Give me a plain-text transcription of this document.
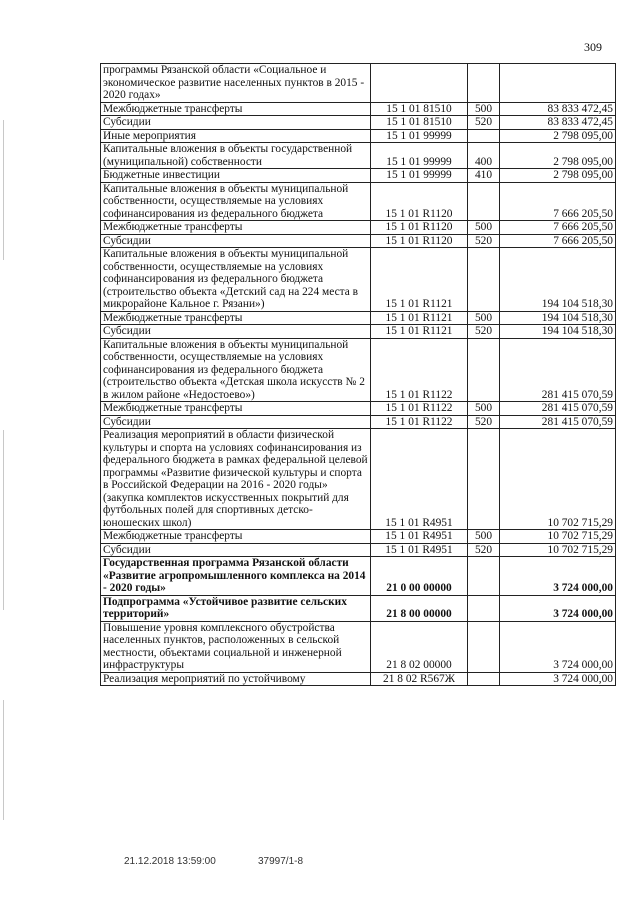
309
программы Рязанской области «Социальное и экономическое развитие населенных пунктов в 2015 - 2020 годах»			
Межбюджетные трансферты	15 1 01 81510	500	83 833 472,45
Субсидии	15 1 01 81510	520	83 833 472,45
Иные мероприятия	15 1 01 99999		2 798 095,00
Капитальные вложения в объекты государственной (муниципальной) собственности	15 1 01 99999	400	2 798 095,00
Бюджетные инвестиции	15 1 01 99999	410	2 798 095,00
Капитальные вложения в объекты муниципальной собственности, осуществляемые на условиях софинансирования из федерального бюджета	15 1 01 R1120		7 666 205,50
Межбюджетные трансферты	15 1 01 R1120	500	7 666 205,50
Субсидии	15 1 01 R1120	520	7 666 205,50
Капитальные вложения в объекты муниципальной собственности, осуществляемые на условиях софинансирования из федерального бюджета (строительство объекта «Детский сад на 224 места в микрорайоне Кальное г. Рязани»)	15 1 01 R1121		194 104 518,30
Межбюджетные трансферты	15 1 01 R1121	500	194 104 518,30
Субсидии	15 1 01 R1121	520	194 104 518,30
Капитальные вложения в объекты муниципальной собственности, осуществляемые на условиях софинансирования из федерального бюджета (строительство объекта «Детская школа искусств № 2 в жилом районе «Недостоево»)	15 1 01 R1122		281 415 070,59
Межбюджетные трансферты	15 1 01 R1122	500	281 415 070,59
Субсидии	15 1 01 R1122	520	281 415 070,59
Реализация мероприятий в области физической культуры и спорта на условиях софинансирования из федерального бюджета в рамках федеральной целевой программы «Развитие физической культуры и спорта в Российской Федерации на 2016 - 2020 годы» (закупка комплектов искусственных покрытий для футбольных полей для спортивных детско-юношеских школ)	15 1 01 R4951		10 702 715,29
Межбюджетные трансферты	15 1 01 R4951	500	10 702 715,29
Субсидии	15 1 01 R4951	520	10 702 715,29
Государственная программа Рязанской области «Развитие агропромышленного комплекса на 2014 - 2020 годы»	21 0 00 00000		3 724 000,00
Подпрограмма «Устойчивое развитие сельских территорий»	21 8 00 00000		3 724 000,00
Повышение уровня комплексного обустройства населенных пунктов, расположенных в сельской местности, объектами социальной и инженерной инфраструктуры	21 8 02 00000		3 724 000,00
Реализация мероприятий по устойчивому	21 8 02 R567Ж		3 724 000,00
21.12.2018 13:59:00	37997/1-8
